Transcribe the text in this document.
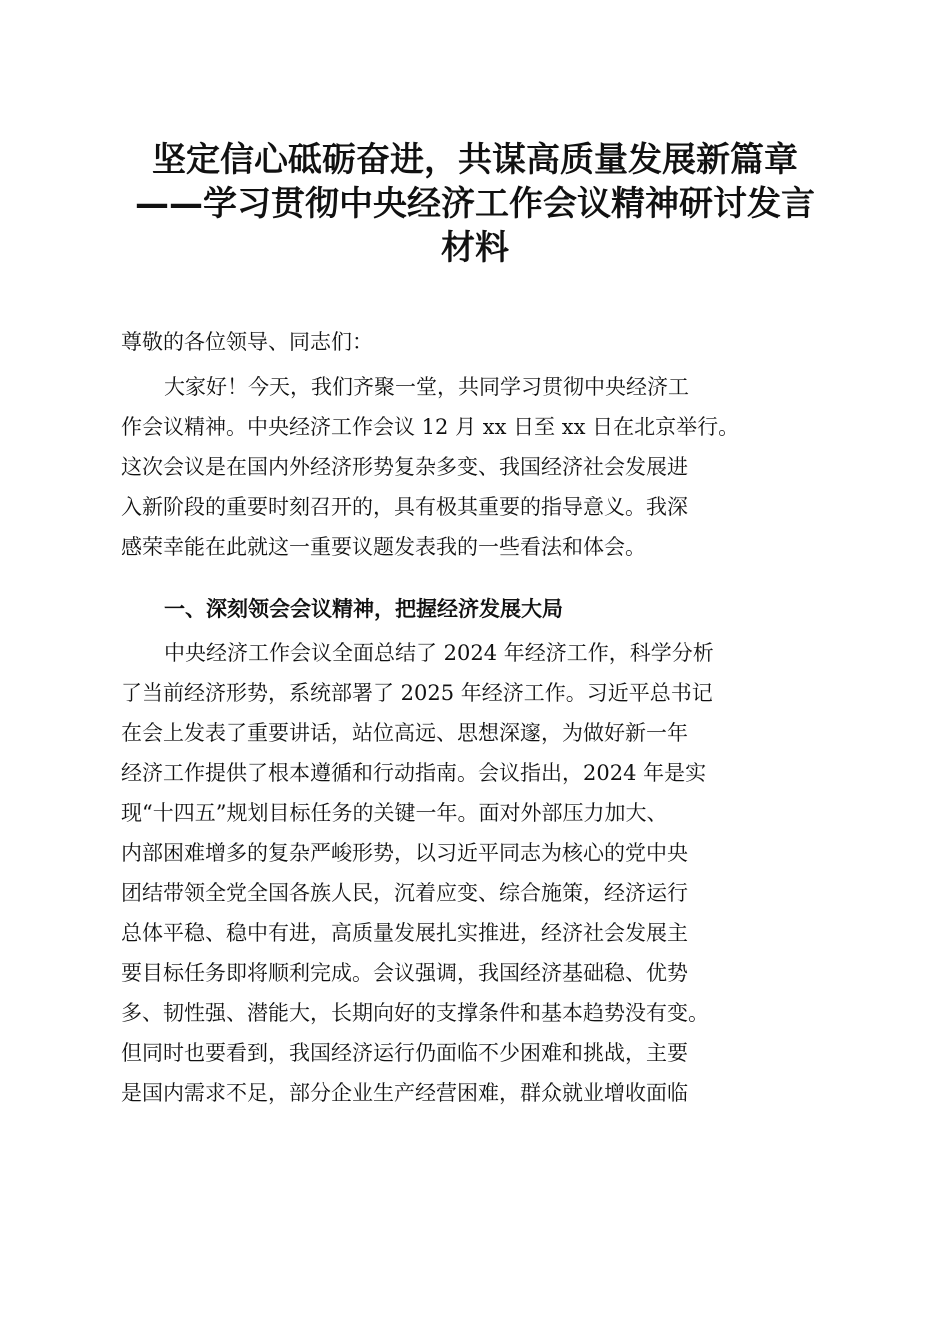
坚定信心砥砺奋进，共谋高质量发展新篇章
——学习贯彻中央经济工作会议精神研讨发言
材料
尊敬的各位领导、同志们：
大家好！今天，我们齐聚一堂，共同学习贯彻中央经济工
作会议精神。中央经济工作会议 12 月 xx 日至 xx 日在北京举行。
这次会议是在国内外经济形势复杂多变、我国经济社会发展进
入新阶段的重要时刻召开的，具有极其重要的指导意义。我深
感荣幸能在此就这一重要议题发表我的一些看法和体会。
一、深刻领会会议精神，把握经济发展大局
中央经济工作会议全面总结了 2024 年经济工作，科学分析
了当前经济形势，系统部署了 2025 年经济工作。习近平总书记
在会上发表了重要讲话，站位高远、思想深邃，为做好新一年
经济工作提供了根本遵循和行动指南。会议指出，2024 年是实
现“十四五”规划目标任务的关键一年。面对外部压力加大、
内部困难增多的复杂严峻形势，以习近平同志为核心的党中央
团结带领全党全国各族人民，沉着应变、综合施策，经济运行
总体平稳、稳中有进，高质量发展扎实推进，经济社会发展主
要目标任务即将顺利完成。会议强调，我国经济基础稳、优势
多、韧性强、潜能大，长期向好的支撑条件和基本趋势没有变。
但同时也要看到，我国经济运行仍面临不少困难和挑战，主要
是国内需求不足，部分企业生产经营困难，群众就业增收面临
